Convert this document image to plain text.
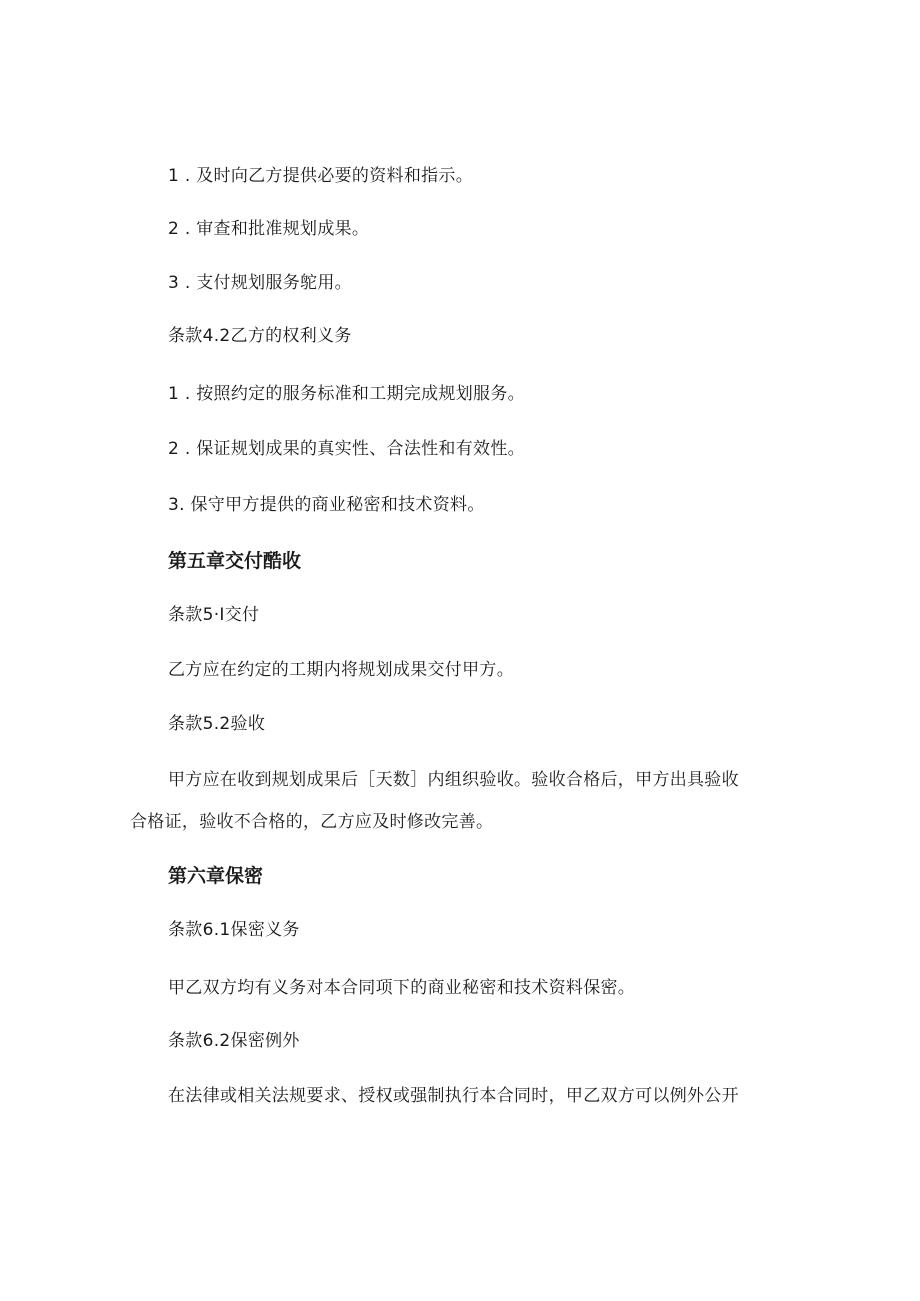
1 . 及时向乙方提供必要的资料和指示。
2 . 审查和批准规划成果。
3 . 支付规划服务鸵用。
条款4.2乙方的权利义务
1 . 按照约定的服务标准和工期完成规划服务。
2 . 保证规划成果的真实性、合法性和有效性。
3. 保守甲方提供的商业秘密和技术资料。
第五章交付酷收
条款5·I交付
乙方应在约定的工期内将规划成果交付甲方。
条款5.2验收
甲方应在收到规划成果后［天数］内组织验收。验收合格后，甲方出具验收
合格证，验收不合格的，乙方应及时修改完善。
第六章保密
条款6.1保密义务
甲乙双方均有义务对本合同项下的商业秘密和技术资料保密。
条款6.2保密例外
在法律或相关法规要求、授权或强制执行本合同时，甲乙双方可以例外公开
